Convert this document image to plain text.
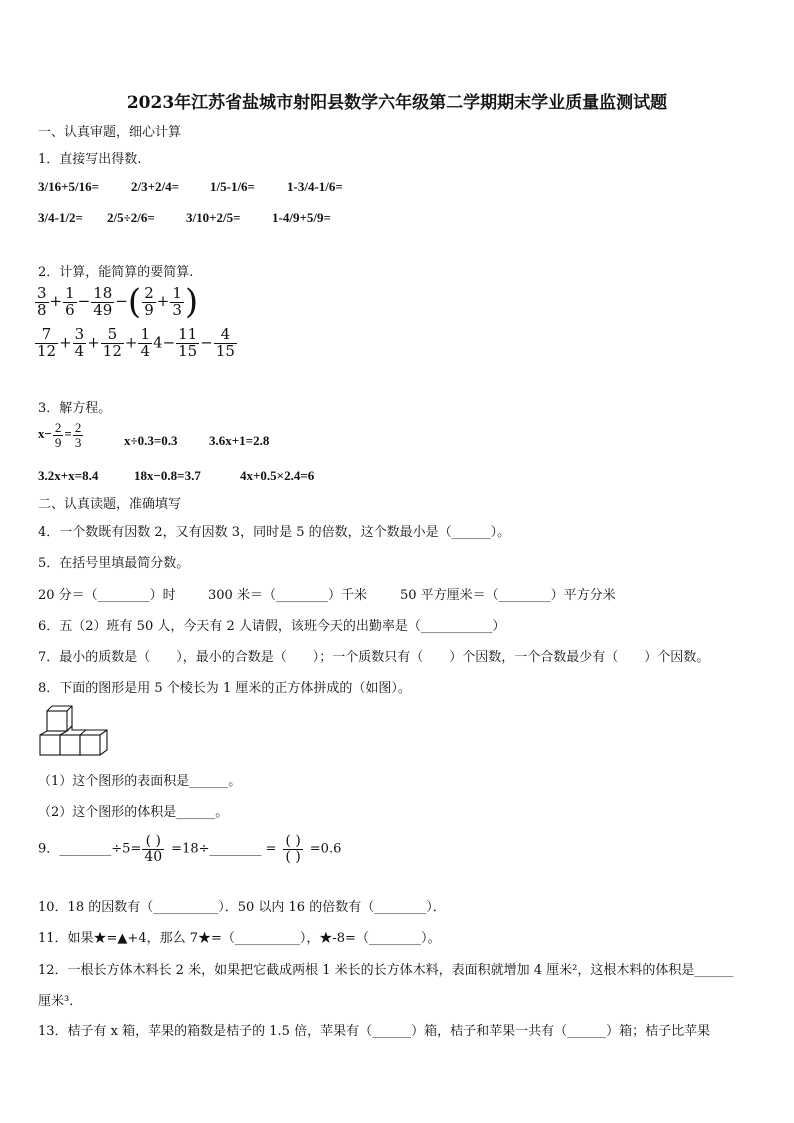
2023年江苏省盐城市射阳县数学六年级第二学期期末学业质量监测试题
一、认真审题，细心计算
1．直接写出得数.
3/16+5/16= 2/3+2/4= 1/5-1/6= 1-3/4-1/6=
3/4-1/2= 2/5÷2/6= 3/10+2/5= 1-4/9+5/9=
2．计算，能简算的要简算.
$\frac{3}{8} + \frac{1}{6} - \frac{18}{49}$ −( $\frac{2}{9} + \frac{1}{3}$ )
$\frac{7}{12} + \frac{3}{4} + \frac{5}{12} + \frac{1}{4} 4- \frac{11}{15} - \frac{4}{15}$
3．解方程。
$x- \frac{2}{9} = \frac{2}{3}$	x÷0.3=0.3 3.6x+1=2.8
3.2x+x=8.4	18x−0.8=3.7	4x+0.5×2.4=6
二、认真读题，准确填写
4．一个数既有因数 2，又有因数 3，同时是 5 的倍数，这个数最小是（______）。
5．在括号里填最简分数。
20 分＝（________）时 300 米＝（________）千米	50 平方厘米＝（________）平方分米
6．五（2）班有 50 人，今天有 2 人请假，该班今天的出勤率是（___________）
7．最小的质数是（　　），最小的合数是（　　）；一个质数只有（　　）个因数，一个合数最少有（　　）个因数。
8．下面的图形是用 5 个棱长为 1 厘米的正方体拼成的（如图）。
（1）这个图形的表面积是______。
（2）这个图形的体积是______。
9．________÷5= $\frac{( )}{40}$ =18÷________ = $\frac{( )}{( )} =0.6$
10．18 的因数有（__________）．50 以内 16 的倍数有（________）．
11．如果★=▲+4，那么 7★=（__________），★-8=（________）。
12．一根长方体木料长 2 米，如果把它截成两根 1 米长的长方体木料，表面积就增加 4 厘米²，这根木料的体积是______
厘米³．
13．桔子有 x 箱，苹果的箱数是桔子的 1.5 倍，苹果有（______）箱，桔子和苹果一共有（______）箱；桔子比苹果
